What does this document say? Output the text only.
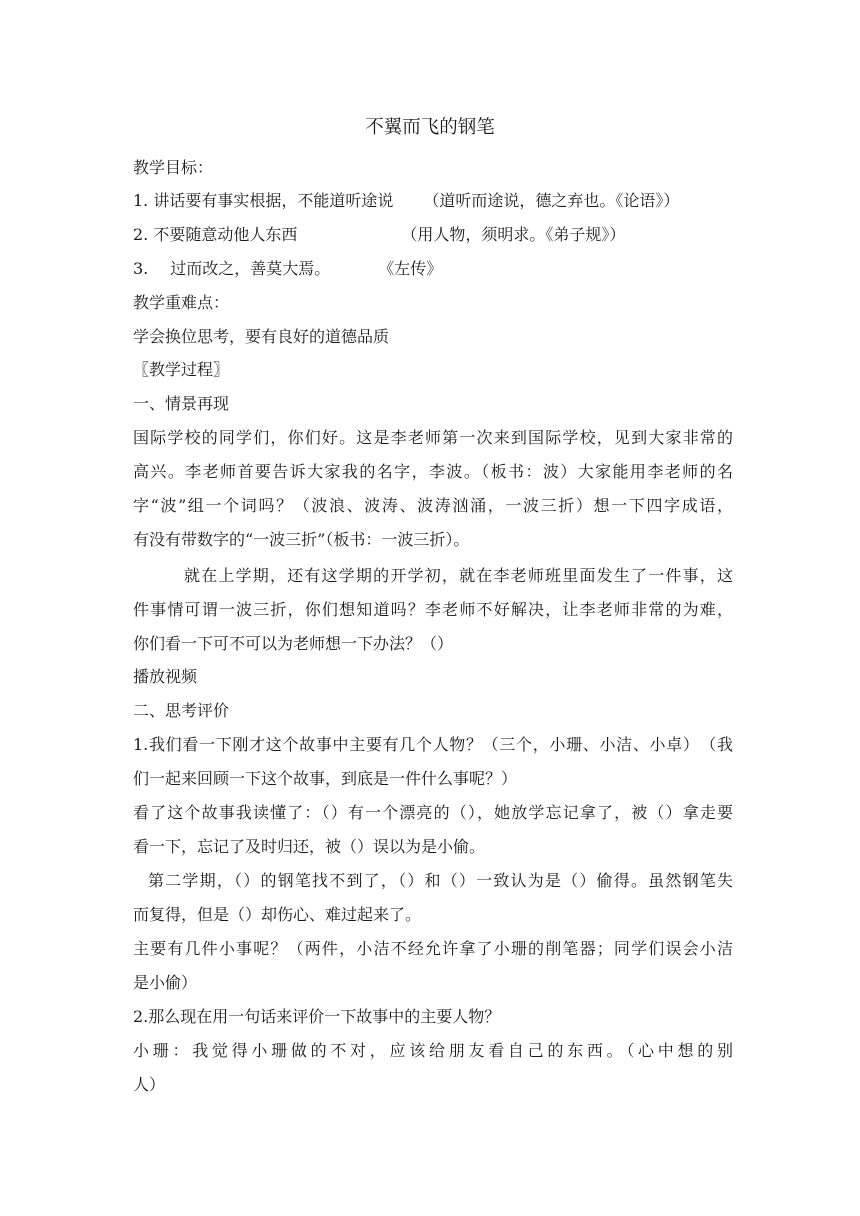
不翼而飞的钢笔
教学目标：
1. 讲话要有事实根据，不能道听途说 （道听而途说，德之弃也。《论语》）
2. 不要随意动他人东西	（用人物，须明求。《弟子规》）
3. 过而改之，善莫大焉。	《左传》
教学重难点：
学会换位思考，要有良好的道德品质
〖教学过程〗
一、情景再现
国际学校的同学们，你们好。这是李老师第一次来到国际学校，见到大家非常的
高兴。李老师首要告诉大家我的名字，李波。（板书：波）大家能用李老师的名
字“波”组一个词吗？（波浪、波涛、波涛汹涌，一波三折）想一下四字成语，
有没有带数字的“一波三折”（板书：一波三折）。
就在上学期，还有这学期的开学初，就在李老师班里面发生了一件事，这
件事情可谓一波三折，你们想知道吗？李老师不好解决，让李老师非常的为难，
你们看一下可不可以为老师想一下办法？（）
播放视频
二、思考评价
1.我们看一下刚才这个故事中主要有几个人物？（三个，小珊、小洁、小卓）　（我
们一起来回顾一下这个故事，到底是一件什么事呢？）
看了这个故事我读懂了：（）有一个漂亮的（），她放学忘记拿了，被（）拿走要
看一下，忘记了及时归还，被（）误以为是小偷。
第二学期，（）的钢笔找不到了，（）和（）一致认为是（）偷得。虽然钢笔失
而复得，但是（）却伤心、难过起来了。
主要有几件小事呢？（两件，小洁不经允许拿了小珊的削笔器；同学们误会小洁
是小偷）
2.那么现在用一句话来评价一下故事中的主要人物？
小珊：我觉得小珊做的不对，应该给朋友看自己的东西。（心中想的别
人）
